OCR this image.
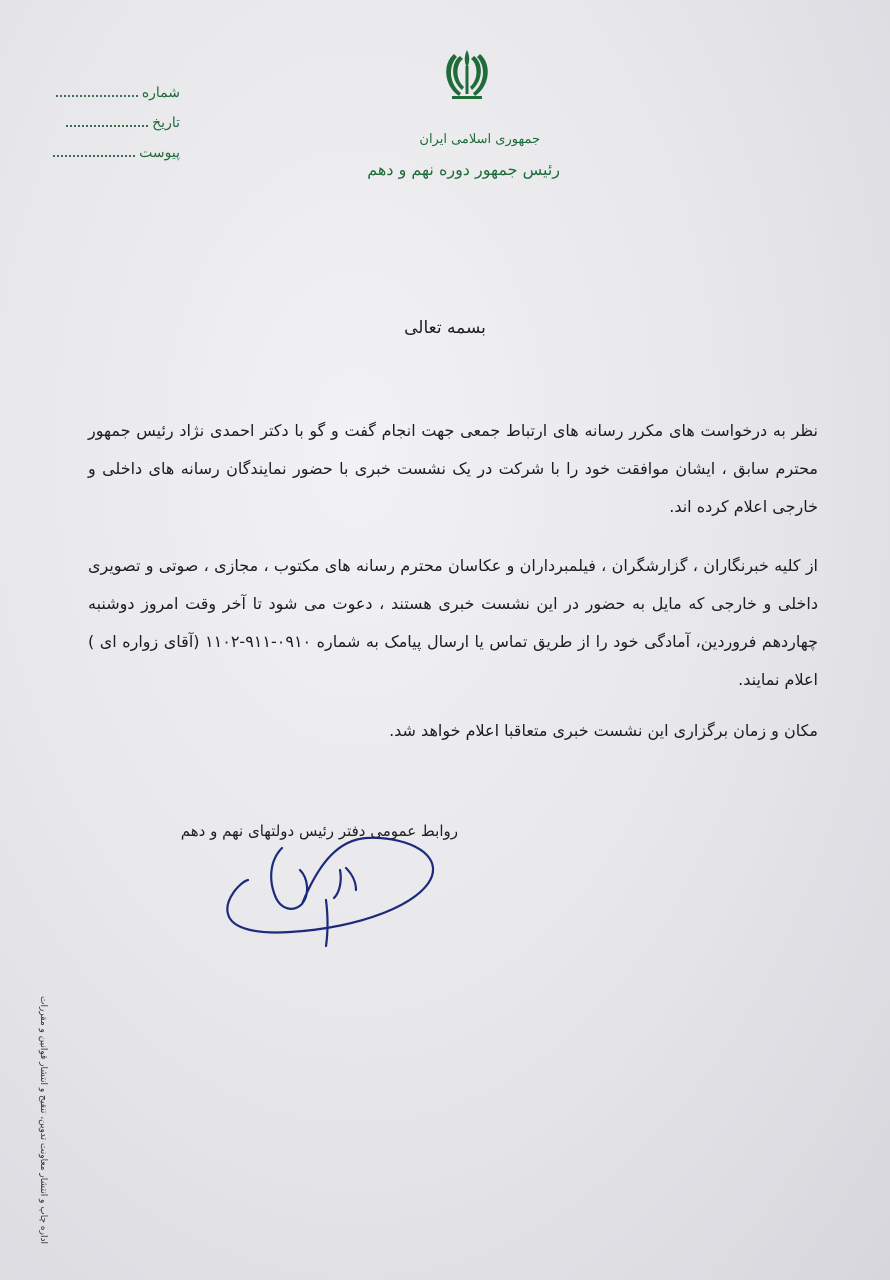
جمهوری اسلامی ایران
رئیس جمهور دوره نهم و دهم
شماره
تاریخ
پیوست
بسمه تعالی
نظر به درخواست های مکرر رسانه های ارتباط جمعی جهت انجام گفت و گو با دکتر احمدی نژاد رئیس جمهور محترم سابق ، ایشان موافقت خود را با شرکت در یک نشست خبری با حضور نمایندگان رسانه های داخلی و خارجی اعلام کرده اند.
از کلیه خبرنگاران ، گزارشگران ، فیلمبرداران و عکاسان محترم رسانه های مکتوب ، مجازی ، صوتی و تصویری داخلی و خارجی که مایل به حضور در این نشست خبری هستند ، دعوت می شود تا آخر وقت امروز دوشنبه چهاردهم فروردین، آمادگی خود را از طریق تماس یا ارسال پیامک به شماره ۰۹۱۰-۹۱۱-۱۱۰۲ (آقای زواره ای ) اعلام نمایند.
مکان و زمان برگزاری این نشست خبری متعاقبا اعلام خواهد شد.
روابط عمومی دفتر رئیس دولتهای نهم و دهم
اداره چاپ و انتشار معاونت تدوین، تنقیح و انتشار قوانین و مقررات
